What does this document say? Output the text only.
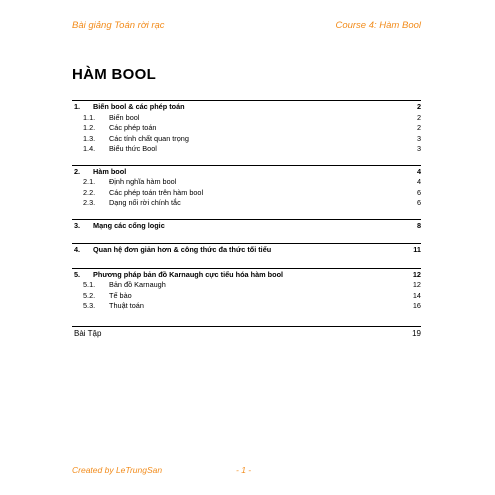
Bài giảng Toán rời rạc	Course 4: Hàm Bool
HÀM BOOL
1.	Biến bool & các phép toán	2
1.1.	Biến bool	2
1.2.	Các phép toán	2
1.3.	Các tính chất quan trọng	3
1.4.	Biểu thức Bool	3
2.	Hàm bool	4
2.1.	Định nghĩa hàm bool	4
2.2.	Các phép toán trên hàm bool	6
2.3.	Dạng nối rời chính tắc	6
3.	Mạng các cổng logic	8
4.	Quan hệ đơn giản hơn & công thức đa thức tối tiểu	11
5.	Phương pháp bản đồ Karnaugh cực tiểu hóa hàm bool	12
5.1.	Bản đồ Karnaugh	12
5.2.	Tế bào	14
5.3.	Thuật toán	16
Bài Tập	19
Created by LeTrungSan	- 1 -
